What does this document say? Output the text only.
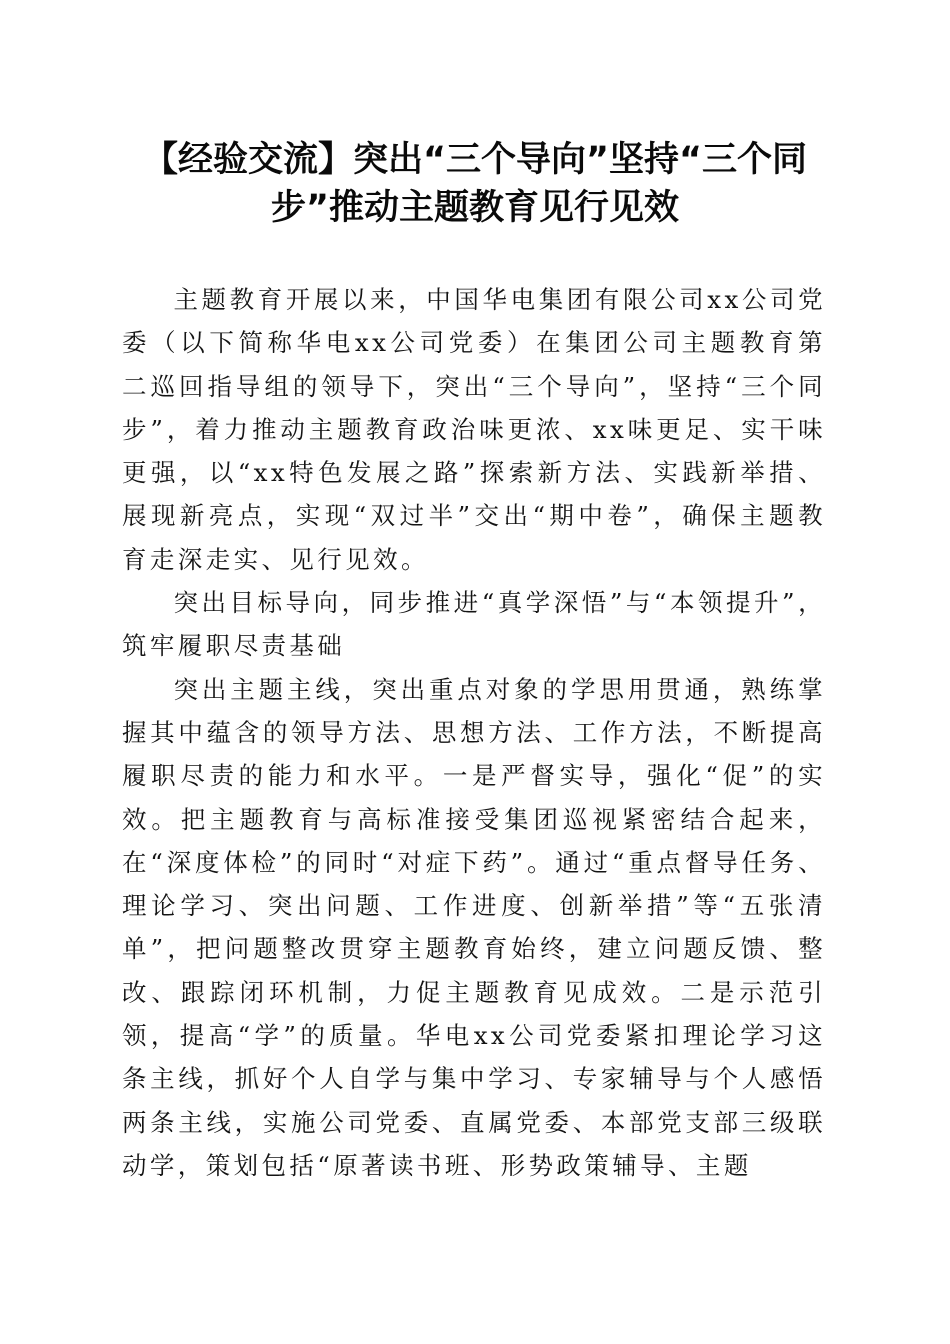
【经验交流】突出“三个导向”坚持“三个同
步”推动主题教育见行见效

主题教育开展以来，中国华电集团有限公司xx公司党委（以下简称华电xx公司党委）在集团公司主题教育第二巡回指导组的领导下，突出“三个导向”，坚持“三个同步”，着力推动主题教育政治味更浓、xx味更足、实干味更强，以“xx特色发展之路”探索新方法、实践新举措、展现新亮点，实现“双过半”交出“期中卷”，确保主题教育走深走实、见行见效。

突出目标导向，同步推进“真学深悟”与“本领提升”，筑牢履职尽责基础

突出主题主线，突出重点对象的学思用贯通，熟练掌握其中蕴含的领导方法、思想方法、工作方法，不断提高履职尽责的能力和水平。一是严督实导，强化“促”的实效。把主题教育与高标准接受集团巡视紧密结合起来，在“深度体检”的同时“对症下药”。通过“重点督导任务、理论学习、突出问题、工作进度、创新举措”等“五张清单”，把问题整改贯穿主题教育始终，建立问题反馈、整改、跟踪闭环机制，力促主题教育见成效。二是示范引领，提高“学”的质量。华电xx公司党委紧扣理论学习这条主线，抓好个人自学与集中学习、专家辅导与个人感悟两条主线，实施公司党委、直属党委、本部党支部三级联动学，策划包括“原著读书班、形势政策辅导、主题
